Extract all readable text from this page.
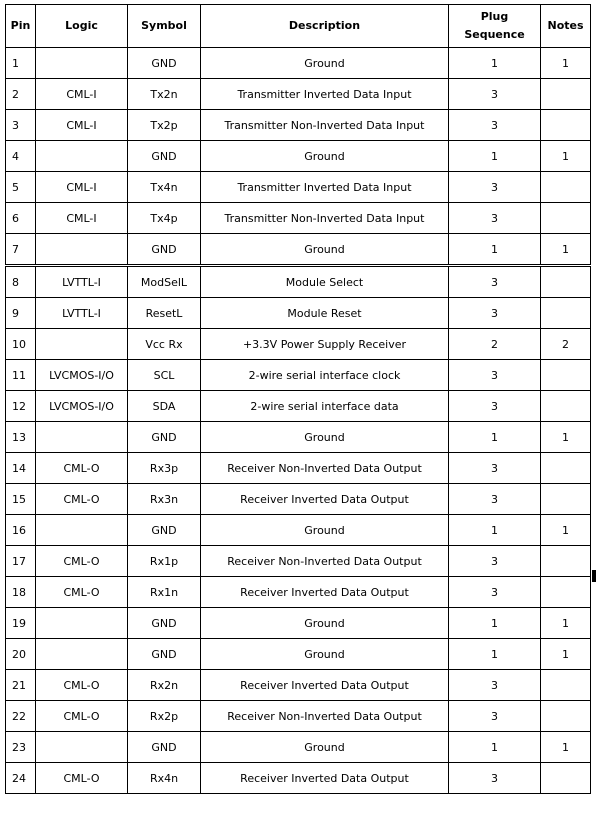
Pin	Logic	Symbol	Description	Plug Sequence	Notes
1		GND	Ground	1	1
2	CML-I	Tx2n	Transmitter Inverted Data Input	3	
3	CML-I	Tx2p	Transmitter Non-Inverted Data Input	3	
4		GND	Ground	1	1
5	CML-I	Tx4n	Transmitter Inverted Data Input	3	
6	CML-I	Tx4p	Transmitter Non-Inverted Data Input	3	
7		GND	Ground	1	1
8	LVTTL-I	ModSelL	Module Select	3	
9	LVTTL-I	ResetL	Module Reset	3	
10		Vcc Rx	+3.3V Power Supply Receiver	2	2
11	LVCMOS-I/O	SCL	2-wire serial interface clock	3	
12	LVCMOS-I/O	SDA	2-wire serial interface data	3	
13		GND	Ground	1	1
14	CML-O	Rx3p	Receiver Non-Inverted Data Output	3	
15	CML-O	Rx3n	Receiver Inverted Data Output	3	
16		GND	Ground	1	1
17	CML-O	Rx1p	Receiver Non-Inverted Data Output	3	
18	CML-O	Rx1n	Receiver Inverted Data Output	3	
19		GND	Ground	1	1
20		GND	Ground	1	1
21	CML-O	Rx2n	Receiver Inverted Data Output	3	
22	CML-O	Rx2p	Receiver Non-Inverted Data Output	3	
23		GND	Ground	1	1
24	CML-O	Rx4n	Receiver Inverted Data Output	3	
